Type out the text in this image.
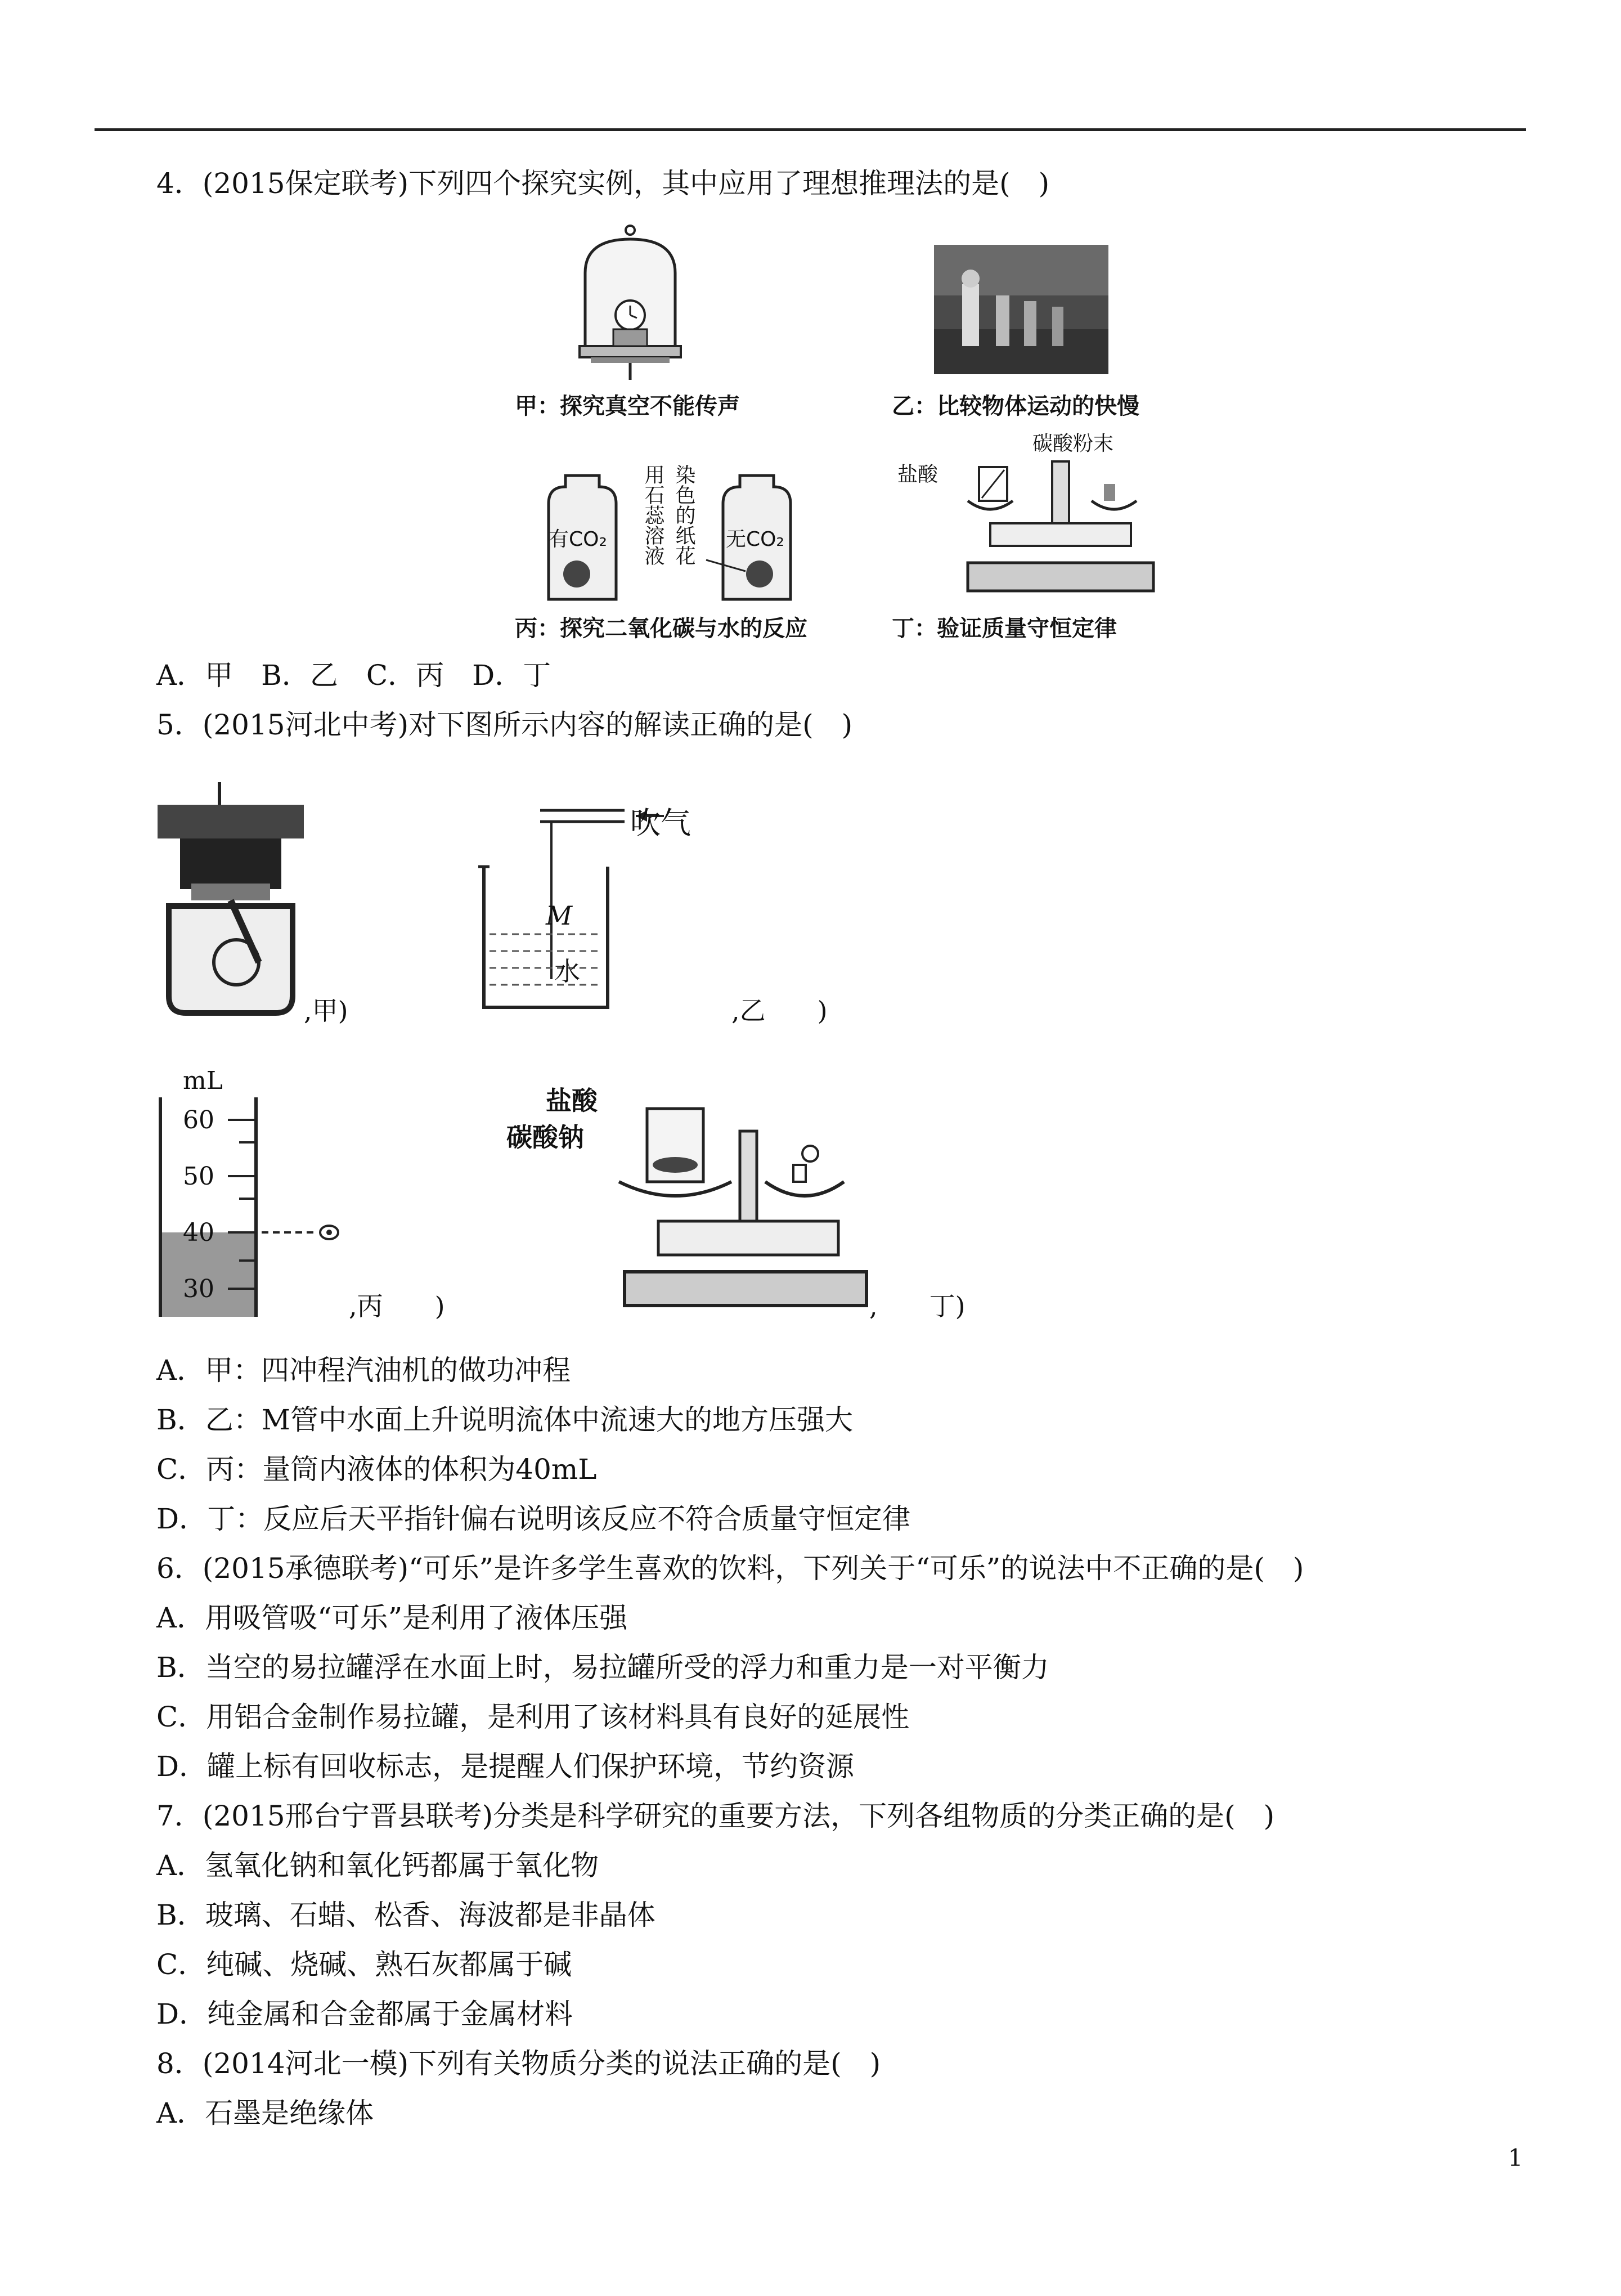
4．(2015保定联考)下列四个探究实例，其中应用了理想推理法的是(　)
甲：探究真空不能传声	乙：比较物体运动的快慢
有CO₂	无CO₂
用石蕊溶液 染色的纸花
丙：探究二氧化碳与水的反应
盐酸
碳酸粉末
丁：验证质量守恒定律
A．甲　B．乙　C．丙　D．丁
5．(2015河北中考)对下图所示内容的解读正确的是(　)
,甲)
吹气
M
水
,乙　　)
mL
60
50
40
30
,丙　　)
盐酸
碳酸钠
,　　丁)
A．甲：四冲程汽油机的做功冲程
B．乙：M管中水面上升说明流体中流速大的地方压强大
C．丙：量筒内液体的体积为40mL
D．丁：反应后天平指针偏右说明该反应不符合质量守恒定律
6．(2015承德联考)“可乐”是许多学生喜欢的饮料，下列关于“可乐”的说法中不正确的是(　)
A．用吸管吸“可乐”是利用了液体压强
B．当空的易拉罐浮在水面上时，易拉罐所受的浮力和重力是一对平衡力
C．用铝合金制作易拉罐，是利用了该材料具有良好的延展性
D．罐上标有回收标志，是提醒人们保护环境，节约资源
7．(2015邢台宁晋县联考)分类是科学研究的重要方法，下列各组物质的分类正确的是(　)
A．氢氧化钠和氧化钙都属于氧化物
B．玻璃、石蜡、松香、海波都是非晶体
C．纯碱、烧碱、熟石灰都属于碱
D．纯金属和合金都属于金属材料
8．(2014河北一模)下列有关物质分类的说法正确的是(　)
A．石墨是绝缘体
1
